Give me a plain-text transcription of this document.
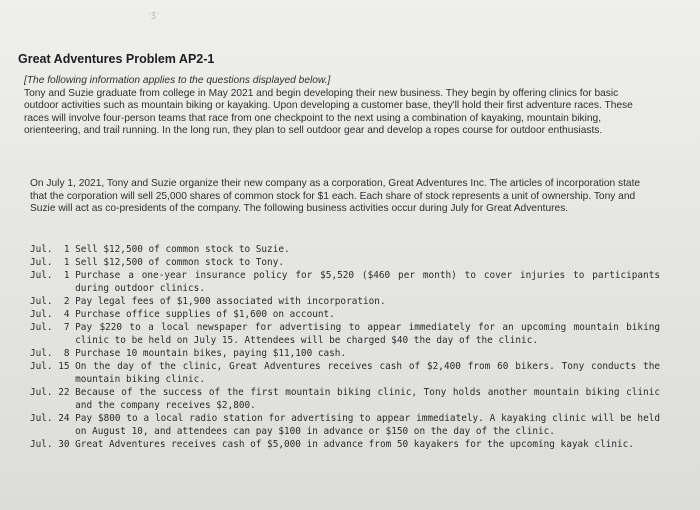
·ʒ·
Great Adventures Problem AP2-1

[The following information applies to the questions displayed below.]
Tony and Suzie graduate from college in May 2021 and begin developing their new business. They begin by offering clinics for basic outdoor activities such as mountain biking or kayaking. Upon developing a customer base, they'll hold their first adventure races. These races will involve four-person teams that race from one checkpoint to the next using a combination of kayaking, mountain biking, orienteering, and trail running. In the long run, they plan to sell outdoor gear and develop a ropes course for outdoor enthusiasts.

On July 1, 2021, Tony and Suzie organize their new company as a corporation, Great Adventures Inc. The articles of incorporation state that the corporation will sell 25,000 shares of common stock for $1 each. Each share of stock represents a unit of ownership. Tony and Suzie will act as co-presidents of the company. The following business activities occur during July for Great Adventures.

Jul.  1 Sell $12,500 of common stock to Suzie.
Jul.  1 Sell $12,500 of common stock to Tony.
Jul.  1 Purchase a one-year insurance policy for $5,520 ($460 per month) to cover injuries to participants during outdoor clinics.
Jul.  2 Pay legal fees of $1,900 associated with incorporation.
Jul.  4 Purchase office supplies of $1,600 on account.
Jul.  7 Pay $220 to a local newspaper for advertising to appear immediately for an upcoming mountain biking clinic to be held on July 15. Attendees will be charged $40 the day of the clinic.
Jul.  8 Purchase 10 mountain bikes, paying $11,100 cash.
Jul. 15 On the day of the clinic, Great Adventures receives cash of $2,400 from 60 bikers. Tony conducts the mountain biking clinic.
Jul. 22 Because of the success of the first mountain biking clinic, Tony holds another mountain biking clinic and the company receives $2,800.
Jul. 24 Pay $800 to a local radio station for advertising to appear immediately. A kayaking clinic will be held on August 10, and attendees can pay $100 in advance or $150 on the day of the clinic.
Jul. 30 Great Adventures receives cash of $5,000 in advance from 50 kayakers for the upcoming kayak clinic.
